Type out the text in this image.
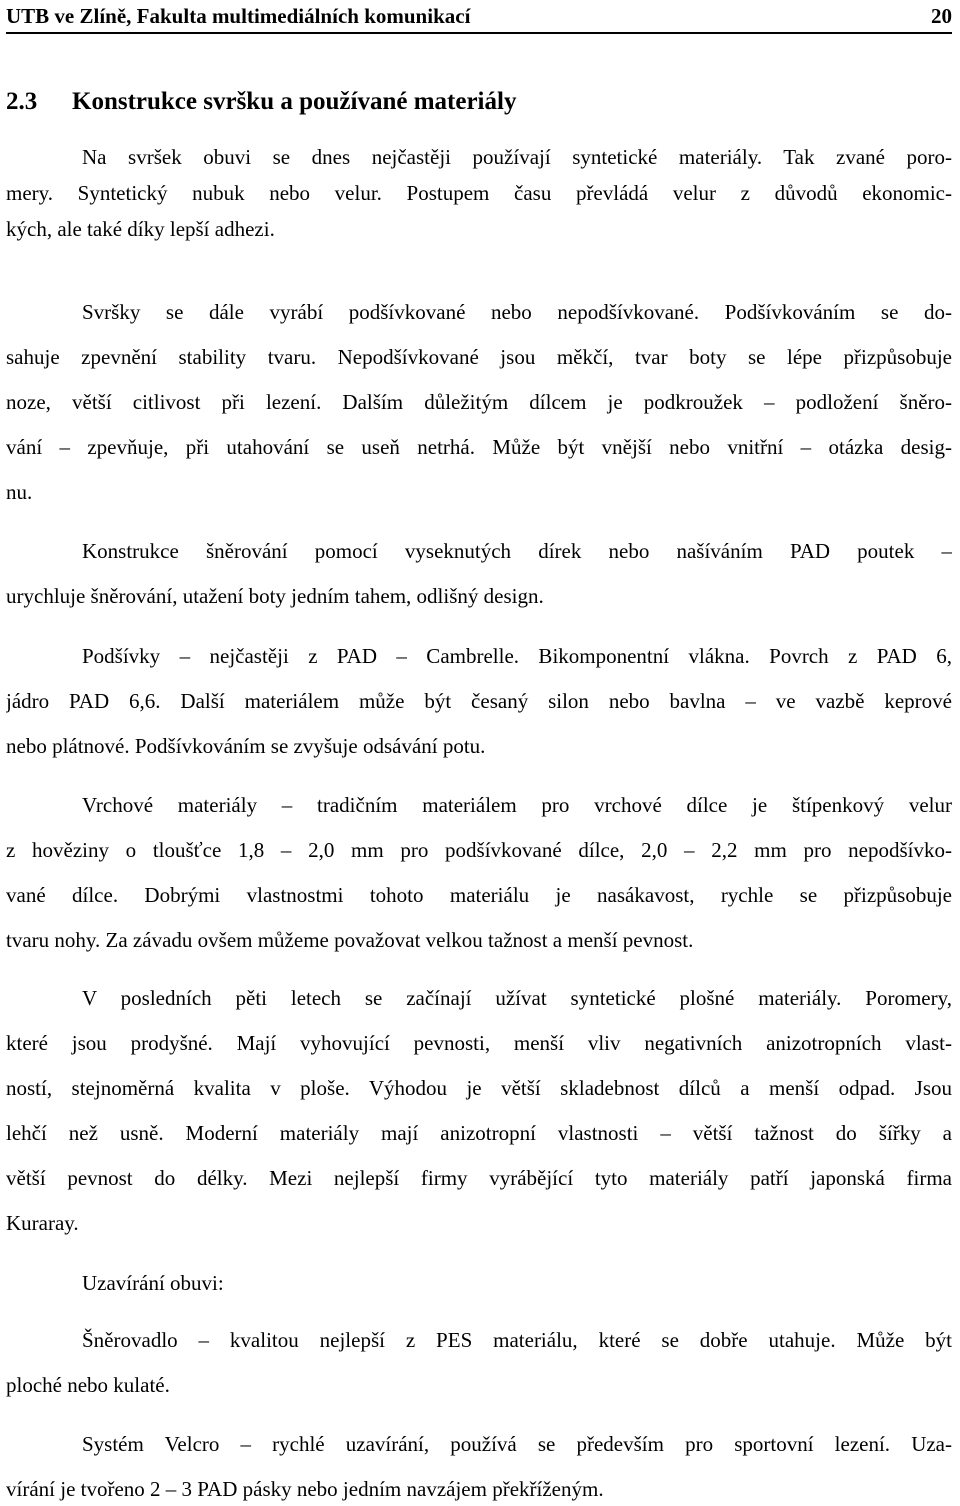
UTB ve Zlíně, Fakulta multimediálních komunikací	20
2.3 Konstrukce svršku a používané materiály
Na svršek obuvi se dnes nejčastěji používají syntetické materiály. Tak zvané poro-
mery. Syntetický nubuk nebo velur. Postupem času převládá velur z důvodů ekonomic-
kých, ale také díky lepší adhezi.
Svršky se dále vyrábí podšívkované nebo nepodšívkované. Podšívkováním se do-
sahuje zpevnění stability tvaru. Nepodšívkované jsou měkčí, tvar boty se lépe přizpůsobuje
noze, větší citlivost při lezení. Dalším důležitým dílcem je podkroužek – podložení šněro-
vání – zpevňuje, při utahování se useň netrhá. Může být vnější nebo vnitřní – otázka desig-
nu.
Konstrukce šněrování pomocí vyseknutých dírek nebo našíváním PAD poutek –
urychluje šněrování, utažení boty jedním tahem, odlišný design.
Podšívky – nejčastěji z PAD – Cambrelle. Bikomponentní vlákna. Povrch z PAD 6,
jádro PAD 6,6. Další materiálem může být česaný silon nebo bavlna – ve vazbě keprové
nebo plátnové. Podšívkováním se zvyšuje odsávání potu.
Vrchové materiály – tradičním materiálem pro vrchové dílce je štípenkový velur
z hověziny o tloušťce 1,8 – 2,0 mm pro podšívkované dílce, 2,0 – 2,2 mm pro nepodšívko-
vané dílce. Dobrými vlastnostmi tohoto materiálu je nasákavost, rychle se přizpůsobuje
tvaru nohy. Za závadu ovšem můžeme považovat velkou tažnost a menší pevnost.
V posledních pěti letech se začínají užívat syntetické plošné materiály. Poromery,
které jsou prodyšné. Mají vyhovující pevnosti, menší vliv negativních anizotropních vlast-
ností, stejnoměrná kvalita v ploše. Výhodou je větší skladebnost dílců a menší odpad. Jsou
lehčí než usně. Moderní materiály mají anizotropní vlastnosti – větší tažnost do šířky a
větší pevnost do délky. Mezi nejlepší firmy vyrábějící tyto materiály patří japonská firma
Kuraray.
Uzavírání obuvi:
Šněrovadlo – kvalitou nejlepší z PES materiálu, které se dobře utahuje. Může být
ploché nebo kulaté.
Systém Velcro – rychlé uzavírání, používá se především pro sportovní lezení. Uza-
vírání je tvořeno 2 – 3 PAD pásky nebo jedním navzájem překříženým.
